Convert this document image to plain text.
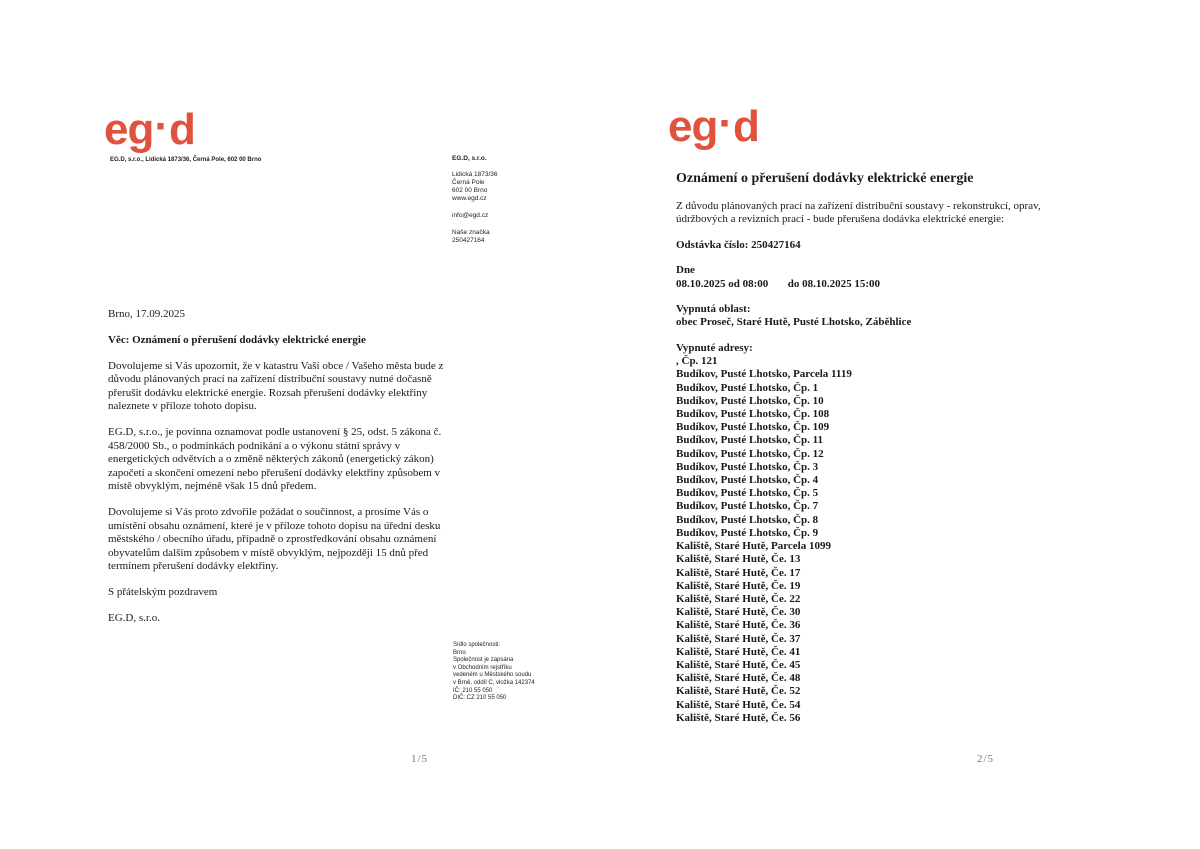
eg·d
EG.D, s.r.o., Lidická 1873/36, Černá Pole, 602 00 Brno	EG.D, s.r.o.
Lidická 1873/36
Černá Pole
602 00 Brno
www.egd.cz
info@egd.cz
Naše značka
250427164
Brno, 17.09.2025

Věc: Oznámení o přerušení dodávky elektrické energie

Dovolujeme si Vás upozornit, že v katastru Vaší obce / Vašeho města bude z důvodu plánovaných prací na zařízení distribuční soustavy nutné dočasně přerušit dodávku elektrické energie. Rozsah přerušení dodávky elektřiny naleznete v příloze tohoto dopisu.

EG.D, s.r.o., je povinna oznamovat podle ustanovení § 25, odst. 5 zákona č. 458/2000 Sb., o podmínkách podnikání a o výkonu státní správy v energetických odvětvích a o změně některých zákonů (energetický zákon) započetí a skončení omezení nebo přerušení dodávky elektřiny způsobem v místě obvyklým, nejméně však 15 dnů předem.

Dovolujeme si Vás proto zdvořile požádat o součinnost, a prosíme Vás o umístění obsahu oznámení, které je v příloze tohoto dopisu na úřední desku městského / obecního úřadu, případně o zprostředkování obsahu oznámení obyvatelům dalším způsobem v místě obvyklým, nejpozději 15 dnů před termínem přerušení dodávky elektřiny.

S přátelským pozdravem

EG.D, s.r.o.

Sídlo společnosti:
Brno
Společnost je zapsána
v Obchodním rejstříku
vedeném u Městského soudu
v Brně, oddíl C, vložka 142374
IČ: 210 55 050
DIČ: CZ 210 55 050
1/5
eg·d
Oznámení o přerušení dodávky elektrické energie

Z důvodu plánovaných prací na zařízení distribuční soustavy - rekonstrukcí, oprav, údržbových a revizních prací - bude přerušena dodávka elektrické energie:

Odstávka číslo: 250427164

Dne

08.10.2025 od 08:00 do 08.10.2025 15:00

Vypnutá oblast:

obec Proseč, Staré Hutě, Pusté Lhotsko, Záběhlice

Vypnuté adresy:

, Čp. 121
Budíkov, Pusté Lhotsko, Parcela 1119
Budíkov, Pusté Lhotsko, Čp. 1
Budíkov, Pusté Lhotsko, Čp. 10
Budíkov, Pusté Lhotsko, Čp. 108
Budíkov, Pusté Lhotsko, Čp. 109
Budíkov, Pusté Lhotsko, Čp. 11
Budíkov, Pusté Lhotsko, Čp. 12
Budíkov, Pusté Lhotsko, Čp. 3
Budíkov, Pusté Lhotsko, Čp. 4
Budíkov, Pusté Lhotsko, Čp. 5
Budíkov, Pusté Lhotsko, Čp. 7
Budíkov, Pusté Lhotsko, Čp. 8
Budíkov, Pusté Lhotsko, Čp. 9
Kaliště, Staré Hutě, Parcela 1099
Kaliště, Staré Hutě, Če. 13
Kaliště, Staré Hutě, Če. 17
Kaliště, Staré Hutě, Če. 19
Kaliště, Staré Hutě, Če. 22
Kaliště, Staré Hutě, Če. 30
Kaliště, Staré Hutě, Če. 36
Kaliště, Staré Hutě, Če. 37
Kaliště, Staré Hutě, Če. 41
Kaliště, Staré Hutě, Če. 45
Kaliště, Staré Hutě, Če. 48
Kaliště, Staré Hutě, Če. 52
Kaliště, Staré Hutě, Če. 54
Kaliště, Staré Hutě, Če. 56
2/5
